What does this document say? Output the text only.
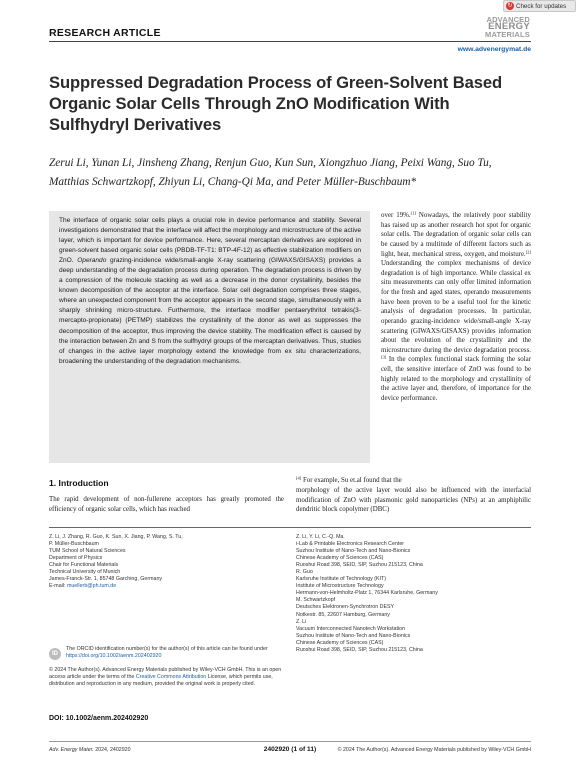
↻ Check for updates
RESEARCH ARTICLE
ADVANCED
ENERGY
MATERIALS
www.advenergymat.de
Suppressed Degradation Process of Green-Solvent Based Organic Solar Cells Through ZnO Modification With Sulfhydryl Derivatives
Zerui Li, Yunan Li, Jinsheng Zhang, Renjun Guo, Kun Sun, Xiongzhuo Jiang, Peixi Wang, Suo Tu, Matthias Schwartzkopf, Zhiyun Li, Chang-Qi Ma, and Peter Müller-Buschbaum*
The interface of organic solar cells plays a crucial role in device performance and stability. Several investigations demonstrated that the interface will affect the morphology and microstructure of the active layer, which is important for device performance. Here, several mercaptan derivatives are explored in green-solvent based organic solar cells (PBDB-TF-T1: BTP-4F-12) as effective stabilization modifiers on ZnO. Operando grazing-incidence wide/small-angle X-ray scattering (GIWAXS/GISAXS) provides a deep understanding of the degradation process during operation. The degradation process is driven by a compression of the molecule stacking as well as a decrease in the donor crystallinity, besides the known decomposition of the acceptor at the interface. Solar cell degradation comprises three stages, where an unexpected component from the acceptor appears in the second stage, simultaneously with a sharply shrinking micro-structure. Furthermore, the interface modifier pentaerythritol tetrakis(3-mercapto-propionate) (PETMP) stabilizes the crystallinity of the donor as well as suppresses the decomposition of the acceptor, thus improving the device stability. The modification effect is caused by the interaction between Zn and S from the sulfhydryl groups of the mercaptan derivatives. Thus, studies of changes in the active layer morphology extend the knowledge from ex situ characterizations, broadening the understanding of the degradation mechanisms.
over 19%.[1] Nowadays, the relatively poor stability has raised up as another research hot spot for organic solar cells. The degradation of organic solar cells can be caused by a multitude of different factors such as light, heat, mechanical stress, oxygen, and moisture.[2] Understanding the complex mechanisms of device degradation is of high importance. While classical ex situ measurements can only offer limited information for the fresh and aged states, operando measurements have been proven to be a useful tool for the kinetic analysis of degradation processes. In particular, operando grazing-incidence wide/small-angle X-ray scattering (GIWAXS/GISAXS) provides information about the evolution of the crystallinity and the microstructure during the device degradation process.[3] In the complex functional stack forming the solar cell, the sensitive interface of ZnO was found to be highly related to the morphology and crystallinity of the active layer and, therefore, of importance for the device performance.
[4] For example, Su et.al found that the
morphology of the active layer would also be influenced with the interfacial modification of ZnO with plasmonic gold nanoparticles (NPs) at an amphiphilic dendritic block copolymer (DBC)
1. Introduction
The rapid development of non-fullerene acceptors has greatly promoted the efficiency of organic solar cells, which has reached
Z. Li, J. Zhang, R. Guo, K. Sun, X. Jiang, P. Wang, S. Tu,
P. Müller-Buschbaum
TUM School of Natural Sciences
Department of Physics
Chair for Functional Materials
Technical University of Munich
James-Franck-Str. 1, 85748 Garching, Germany
E-mail: muellerb@ph.tum.de
Z. Li, Y. Li, C.-Q. Ma
i-Lab & Printable Electronics Research Center
Suzhou Institute of Nano-Tech and Nano-Bionics
Chinese Academy of Sciences (CAS)
Ruoshui Road 398, SEID, SIP, Suzhou 215123, China
R. Guo
Karlsruhe Institute of Technology (KIT)
Institute of Microstructure Technology
Hermann-von-Helmholtz-Platz 1, 76344 Karlsruhe, Germany
M. Schwartzkopf
Deutsches Elektronen-Synchrotron DESY
Notkestr. 85, 22607 Hamburg, Germany
Z. Li
Vacuum Interconnected Nanotech Workstation
Suzhou Institute of Nano-Tech and Nano-Bionics
Chinese Academy of Sciences (CAS)
Ruoshui Road 398, SEID, SIP, Suzhou 215123, China
ID
The ORCID identification number(s) for the author(s) of this article can be found under https://doi.org/10.1002/aenm.202402920
© 2024 The Author(s). Advanced Energy Materials published by Wiley-VCH GmbH. This is an open access article under the terms of the Creative Commons Attribution License, which permits use, distribution and reproduction in any medium, provided the original work is properly cited.
DOI: 10.1002/aenm.202402920
Adv. Energy Mater. 2024, 2402920	2402920 (1 of 11)	© 2024 The Author(s). Advanced Energy Materials published by Wiley-VCH GmbH
